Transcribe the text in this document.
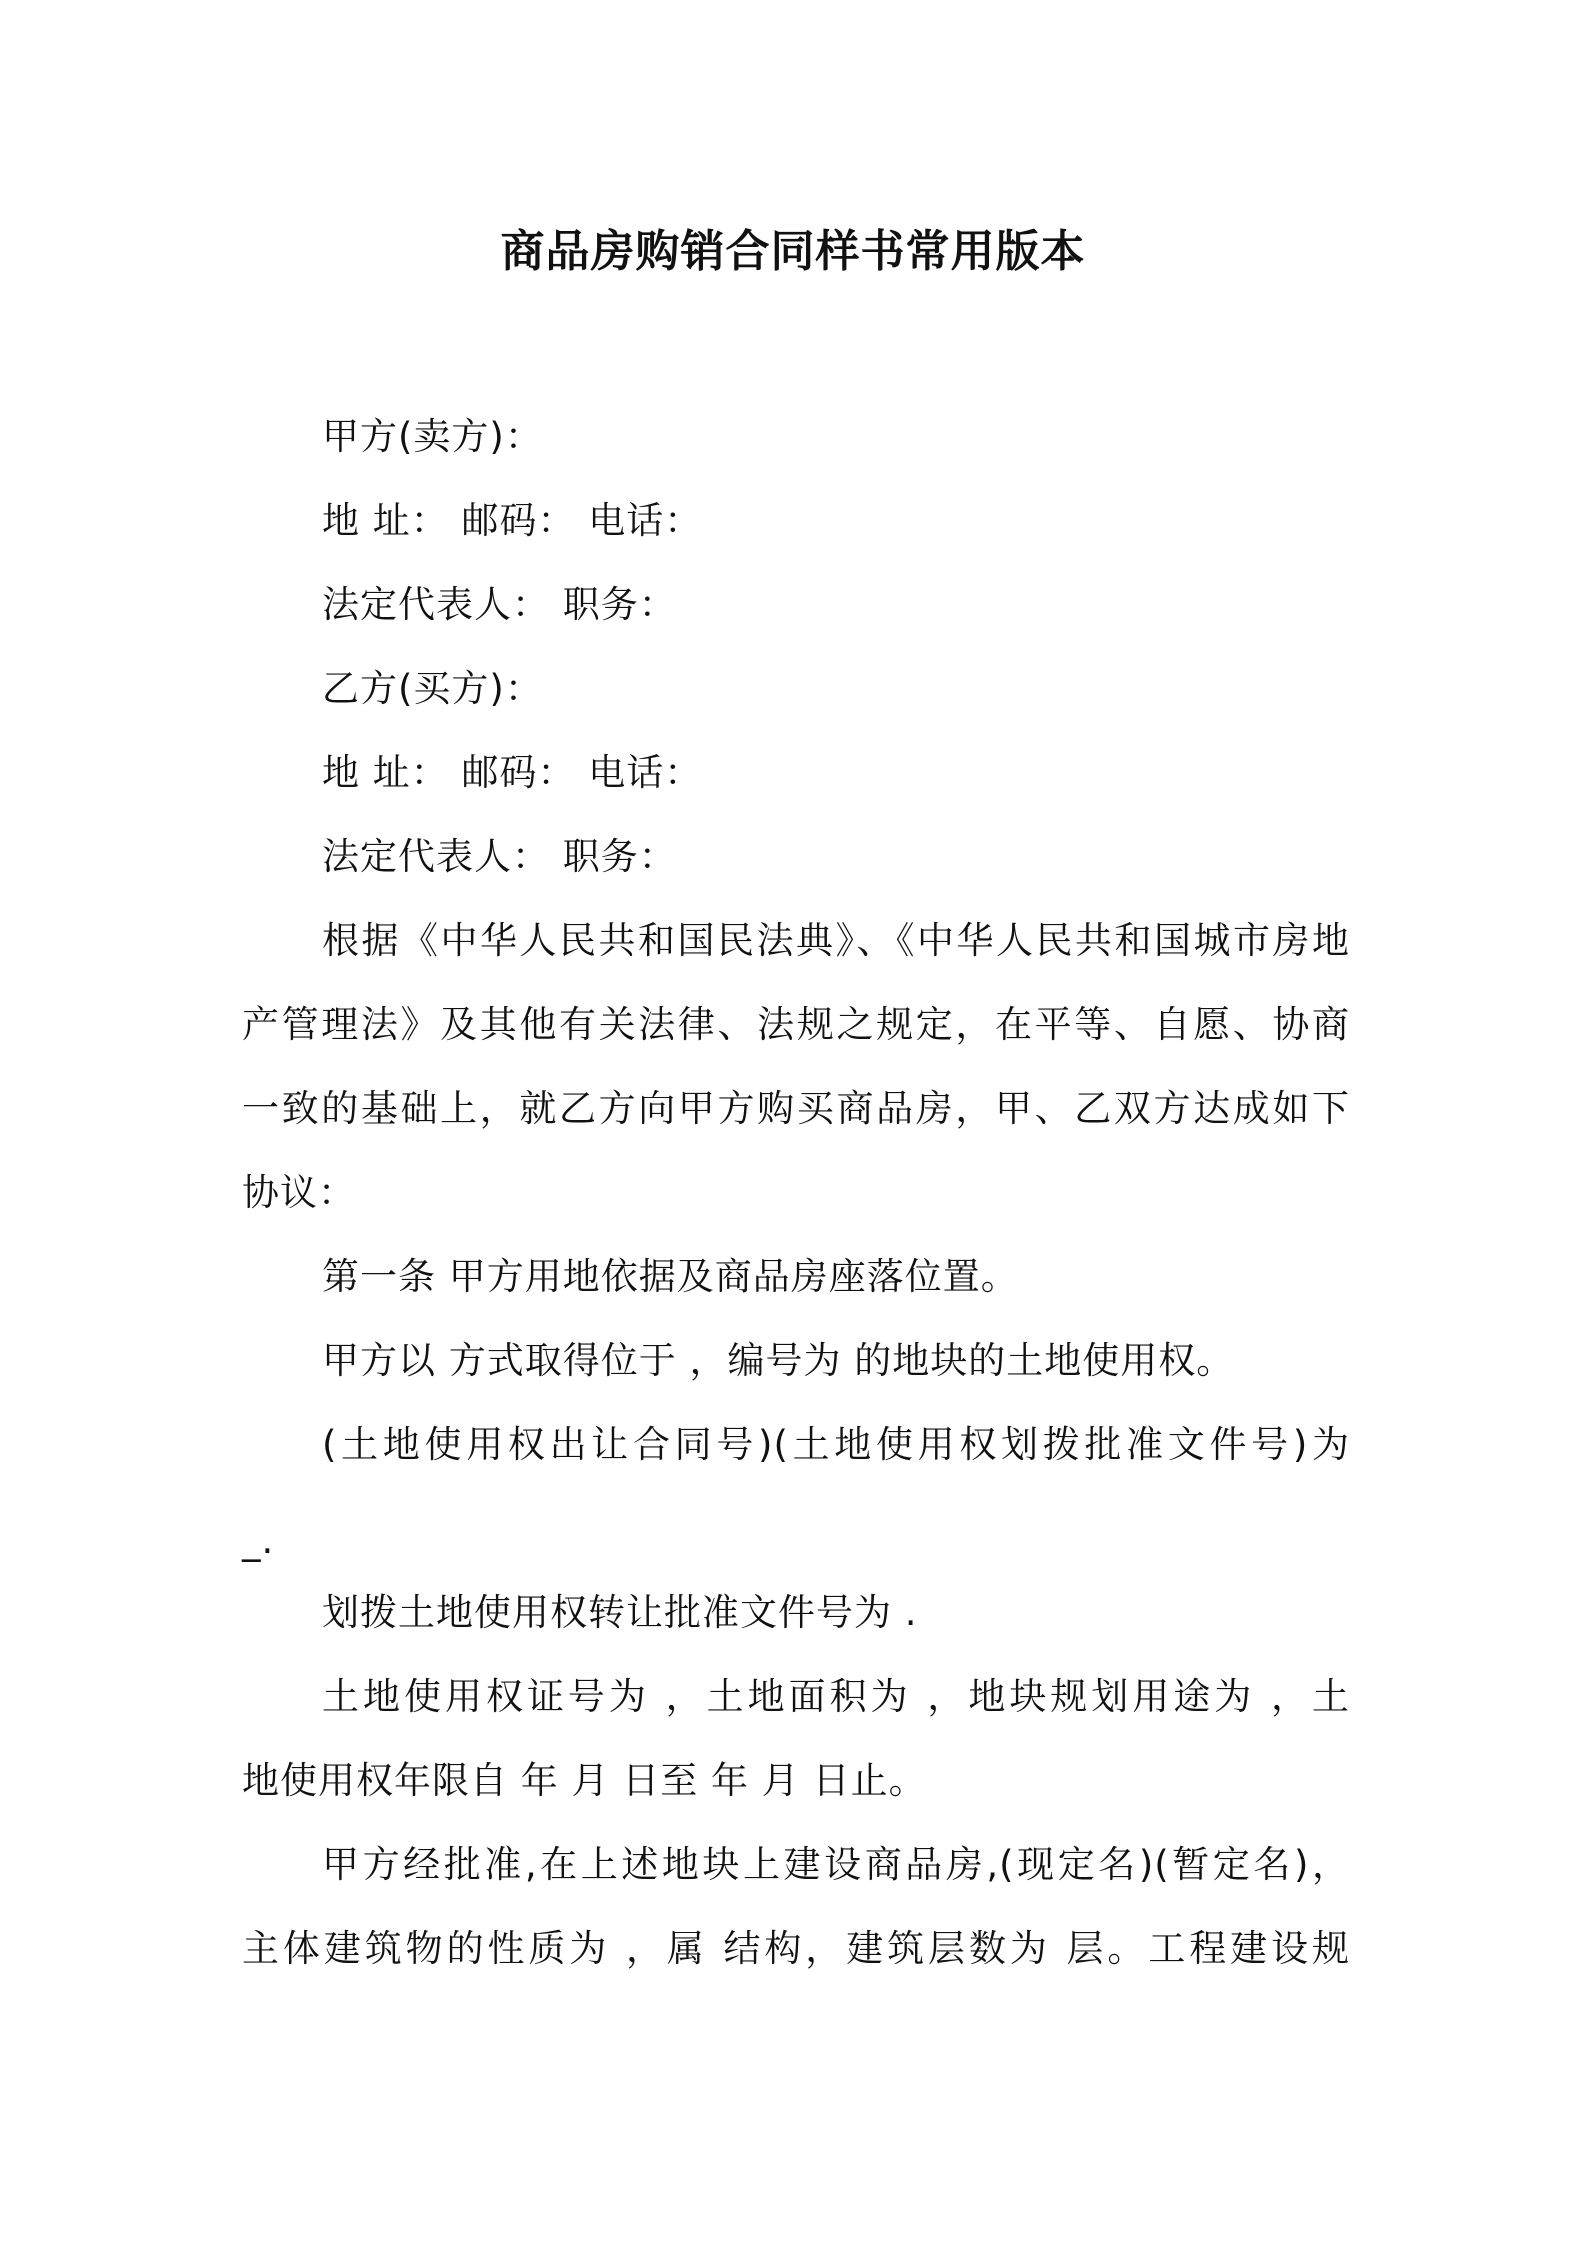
商品房购销合同样书常用版本
甲方(卖方)：
地 址： 邮码： 电话：
法定代表人： 职务：
乙方(买方)：
地 址： 邮码： 电话：
法定代表人： 职务：
根据《中华人民共和国民法典》、《中华人民共和国城市房地
产管理法》及其他有关法律、法规之规定，在平等、自愿、协商
一致的基础上，就乙方向甲方购买商品房，甲、乙双方达成如下
协议：
第一条 甲方用地依据及商品房座落位置。
甲方以 方式取得位于 ，编号为 的地块的土地使用权。
(土地使用权出让合同号)(土地使用权划拨批准文件号)为
_.
划拨土地使用权转让批准文件号为 .
土地使用权证号为 ，土地面积为 ，地块规划用途为 ，土
地使用权年限自 年 月 日至 年 月 日止。
甲方经批准,在上述地块上建设商品房,(现定名)(暂定名)，
主体建筑物的性质为 ，属 结构，建筑层数为 层。工程建设规
